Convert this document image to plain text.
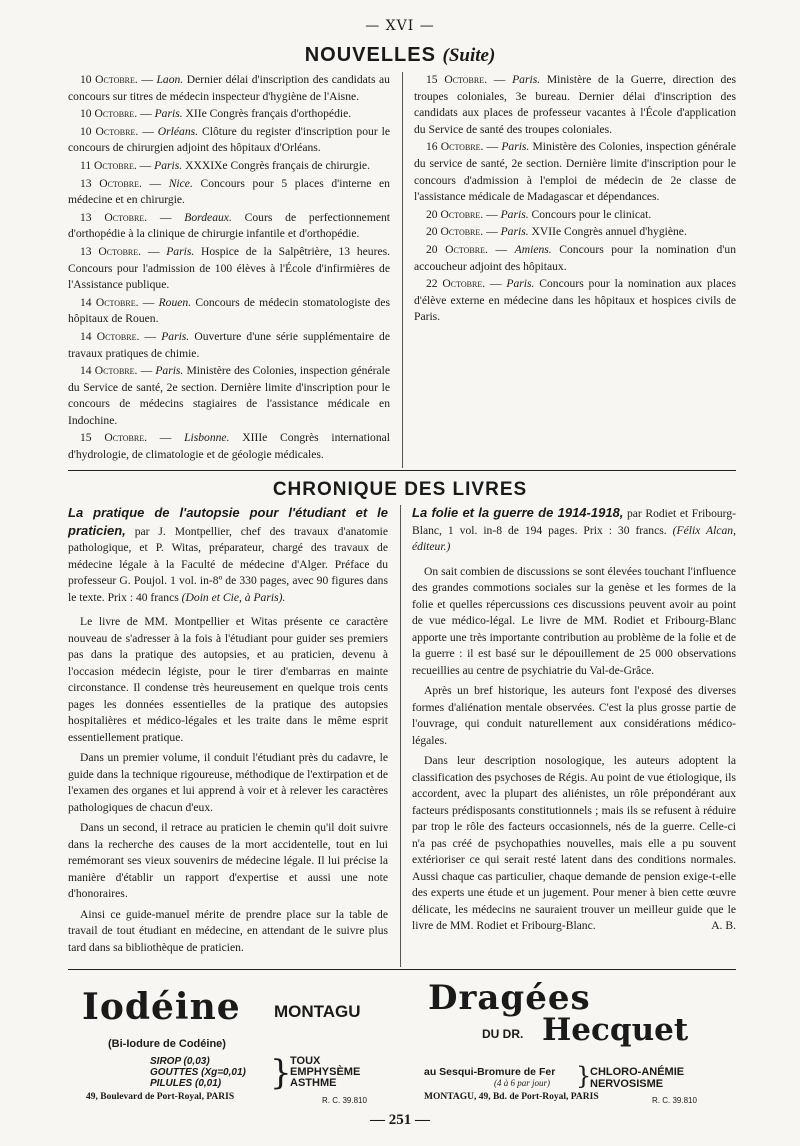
— XVI —
NOUVELLES (Suite)

10 Octobre. — Laon. Dernier délai d'inscription des candidats au concours sur titres de médecin inspecteur d'hygiène de l'Aisne.

10 Octobre. — Paris. XIIe Congrès français d'orthopédie.

10 Octobre. — Orléans. Clôture du register d'inscription pour le concours de chirurgien adjoint des hôpitaux d'Orléans.

11 Octobre. — Paris. XXXIXe Congrès français de chirurgie.

13 Octobre. — Nice. Concours pour 5 places d'interne en médecine et en chirurgie.

13 Octobre. — Bordeaux. Cours de perfectionnement d'orthopédie à la clinique de chirurgie infantile et d'orthopédie.

13 Octobre. — Paris. Hospice de la Salpêtrière, 13 heures. Concours pour l'admission de 100 élèves à l'École d'infirmières de l'Assistance publique.

14 Octobre. — Rouen. Concours de médecin stomatologiste des hôpitaux de Rouen.

14 Octobre. — Paris. Ouverture d'une série supplémentaire de travaux pratiques de chimie.

14 Octobre. — Paris. Ministère des Colonies, inspection générale du Service de santé, 2e section. Dernière limite d'inscription pour le concours de médecins stagiaires de l'assistance médicale en Indochine.

15 Octobre. — Lisbonne. XIIIe Congrès international d'hydrologie, de climatologie et de géologie médicales.

15 Octobre. — Paris. Ministère de la Guerre, direction des troupes coloniales, 3e bureau. Dernier délai d'inscription des candidats aux places de professeur vacantes à l'École d'application du Service de santé des troupes coloniales.

16 Octobre. — Paris. Ministère des Colonies, inspection générale du service de santé, 2e section. Dernière limite d'inscription pour le concours d'admission à l'emploi de médecin de 2e classe de l'assistance médicale de Madagascar et dépendances.

20 Octobre. — Paris. Concours pour le clinicat.

20 Octobre. — Paris. XVIIe Congrès annuel d'hygiène.

20 Octobre. — Amiens. Concours pour la nomination d'un accoucheur adjoint des hôpitaux.

22 Octobre. — Paris. Concours pour la nomination aux places d'élève externe en médecine dans les hôpitaux et hospices civils de Paris.

CHRONIQUE DES LIVRES

La pratique de l'autopsie pour l'étudiant et le praticien, par J. Montpellier, chef des travaux d'anatomie pathologique, et P. Witas, préparateur, chargé des travaux de médecine légale à la Faculté de médecine d'Alger. Préface du professeur G. Poujol. 1 vol. in-8º de 330 pages, avec 90 figures dans le texte. Prix : 40 francs (Doin et Cie, à Paris).

Le livre de MM. Montpellier et Witas présente ce caractère nouveau de s'adresser à la fois à l'étudiant pour guider ses premiers pas dans la pratique des autopsies, et au praticien, devenu à l'occasion médecin légiste, pour le tirer d'embarras en mainte circonstance. Il condense très heureusement en quelque trois cents pages les données essentielles de la pratique des autopsies hospitalières et médico-légales et les traite dans le même esprit essentiellement pratique.

Dans un premier volume, il conduit l'étudiant près du cadavre, le guide dans la technique rigoureuse, méthodique de l'extirpation et de l'examen des organes et lui apprend à voir et à relever les caractères pathologiques de chacun d'eux.

Dans un second, il retrace au praticien le chemin qu'il doit suivre dans la recherche des causes de la mort accidentelle, tout en lui remémorant ses vieux souvenirs de médecine légale. Il lui précise la manière d'établir un rapport d'expertise et aussi une note d'honoraires.

Ainsi ce guide-manuel mérite de prendre place sur la table de travail de tout étudiant en médecine, en attendant de le suivre plus tard dans sa bibliothèque de praticien.

La folie et la guerre de 1914-1918, par Rodiet et Fribourg-Blanc, 1 vol. in-8 de 194 pages. Prix : 30 francs. (Félix Alcan, éditeur.)

On sait combien de discussions se sont élevées touchant l'influence des grandes commotions sociales sur la genèse et les formes de la folie et quelles répercussions ces discussions peuvent avoir au point de vue médico-légal. Le livre de MM. Rodiet et Fribourg-Blanc apporte une très importante contribution au problème de la folie et de la guerre : il est basé sur le dépouillement de 25 000 observations recueillies au centre de psychiatrie du Val-de-Grâce.

Après un bref historique, les auteurs font l'exposé des diverses formes d'aliénation mentale observées. C'est la plus grosse partie de l'ouvrage, qui conduit naturellement aux considérations médico-légales.

Dans leur description nosologique, les auteurs adoptent la classification des psychoses de Régis. Au point de vue étiologique, ils accordent, avec la plupart des aliénistes, un rôle prépondérant aux facteurs prédisposants constitutionnels ; mais ils se refusent à réduire par trop le rôle des facteurs occasionnels, nés de la guerre. Celle-ci n'a pas créé de psychopathies nouvelles, mais elle a pu souvent extérioriser ce qui serait resté latent dans des conditions normales. Aussi chaque cas particulier, chaque demande de pension exige-t-elle des experts une étude et un jugement. Pour mener à bien cette œuvre délicate, les médecins ne sauraient trouver un meilleur guide que le livre de MM. Rodiet et Fribourg-Blanc.	A. B.

Iodéine MONTAGU
(Bi-Iodure de Codéine)
SIROP (0,03)
GOUTTES (Xg=0,01)
PILULES (0,01)	}
TOUX
EMPHYSÈME
ASTHME
49, Boulevard de Port-Royal, PARIS	R. C. 39.810
Dragées
DU DR. Hecquet
au Sesqui-Bromure de Fer
(4 à 6 par jour) }
CHLORO-ANÉMIE
NERVOSISME
MONTAGU, 49, Bd. de Port-Royal, PARIS	R. C. 39.810
— 251 —
